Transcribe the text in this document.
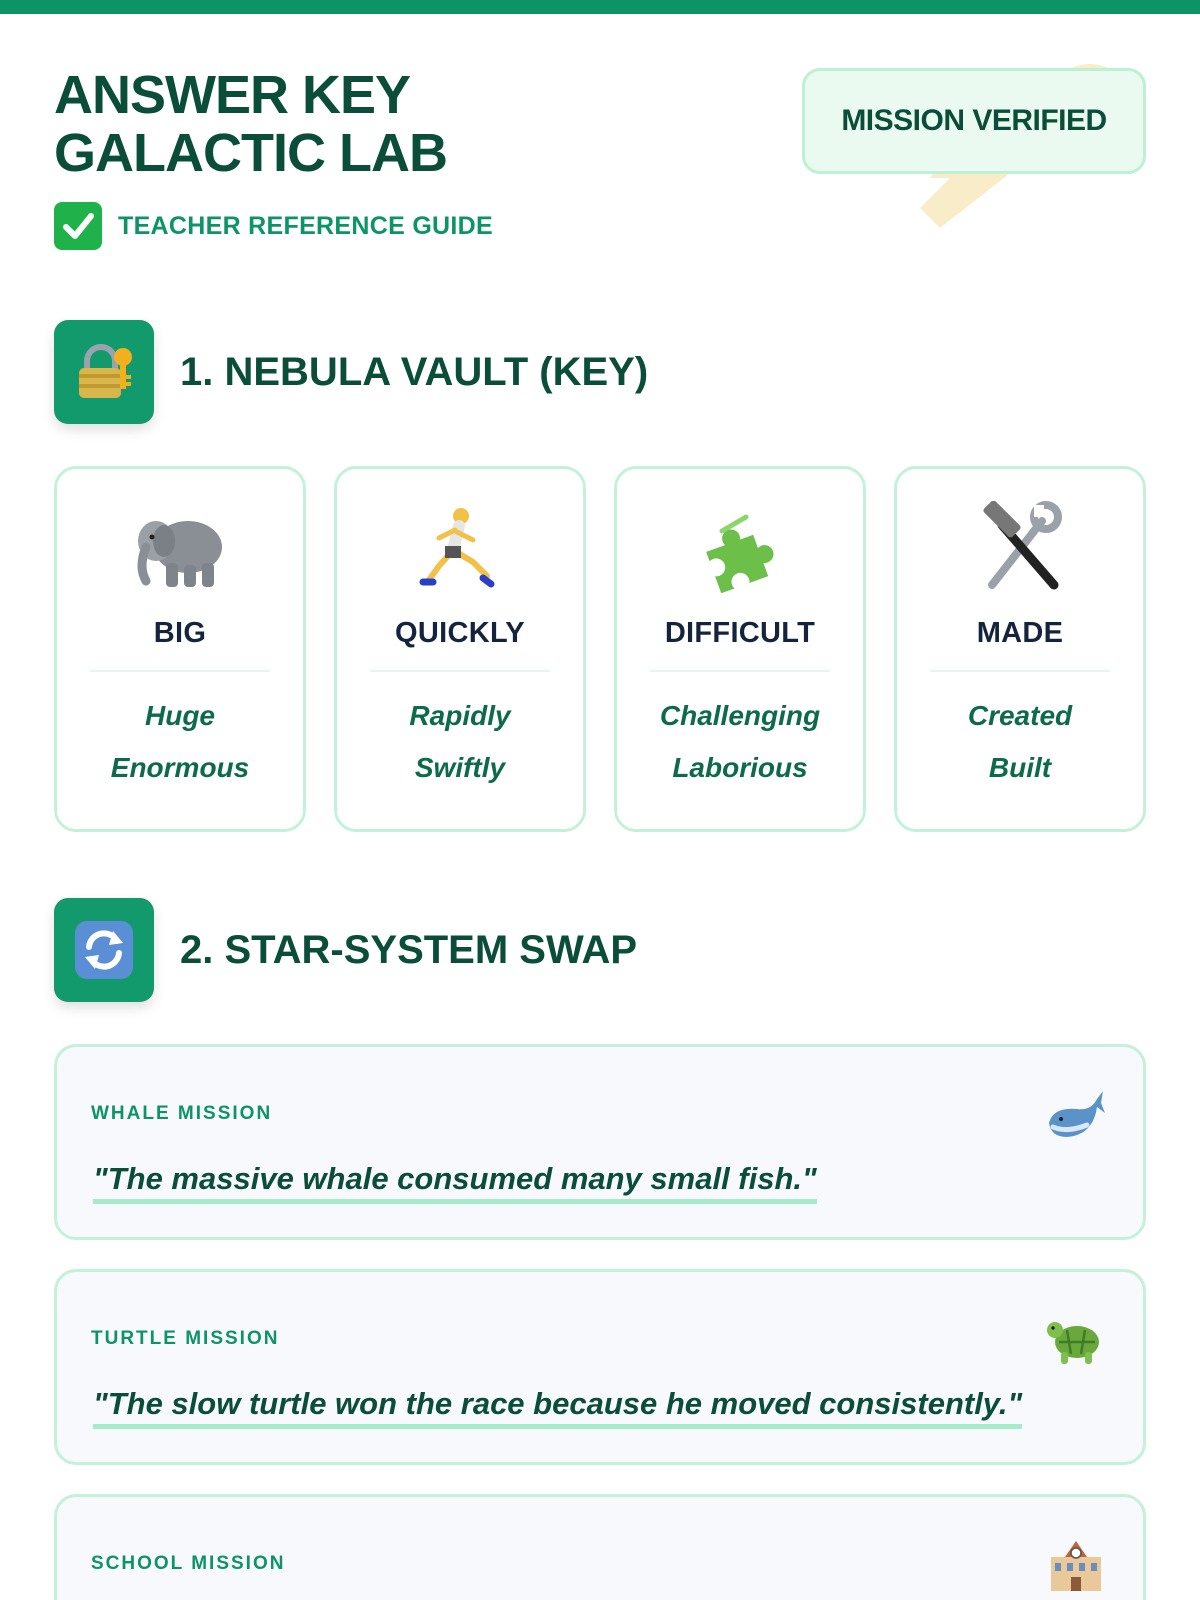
ANSWER KEY
GALACTIC LAB
TEACHER REFERENCE GUIDE
MISSION VERIFIED
1. NEBULA VAULT (KEY)
BIG
Huge
Enormous
QUICKLY
Rapidly
Swiftly
DIFFICULT
Challenging
Laborious
MADE
Created
Built
2. STAR-SYSTEM SWAP
WHALE MISSION
"The massive whale consumed many small fish."
TURTLE MISSION
"The slow turtle won the race because he moved consistently."
SCHOOL MISSION
